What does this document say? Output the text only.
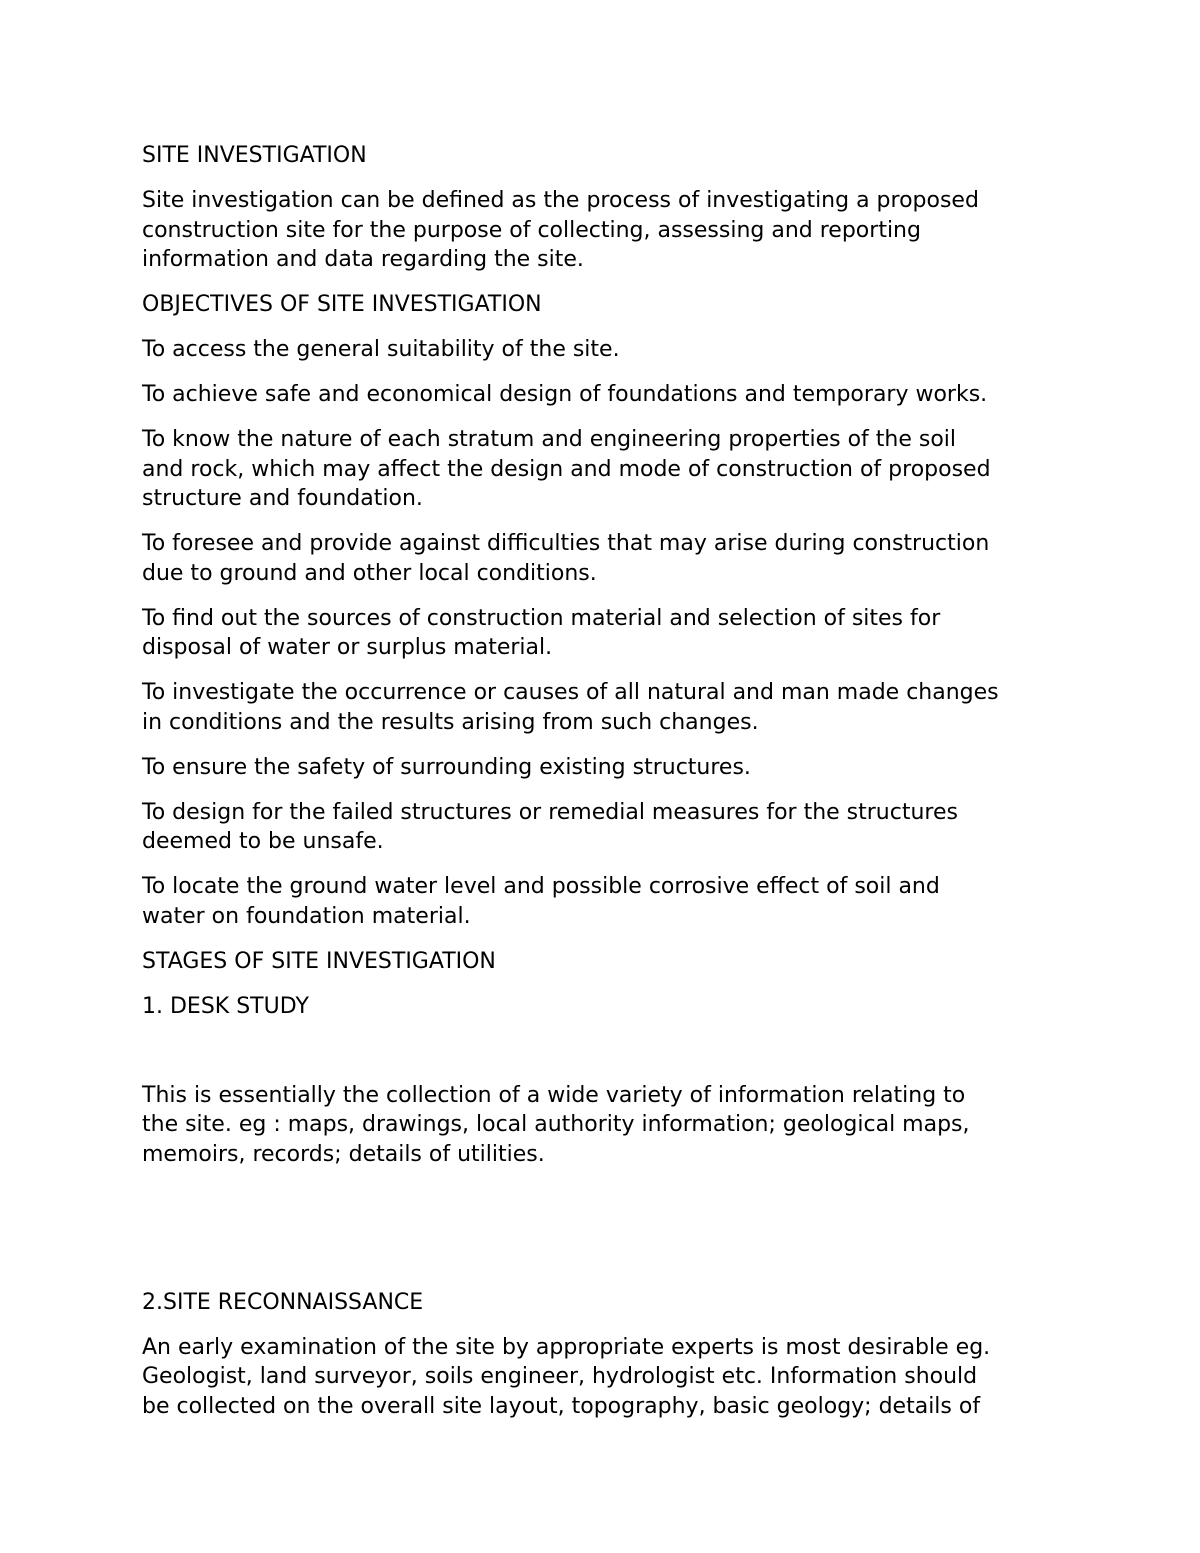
SITE INVESTIGATION

Site investigation can be defined as the process of investigating a proposed
construction site for the purpose of collecting, assessing and reporting
information and data regarding the site.

OBJECTIVES OF SITE INVESTIGATION

To access the general suitability of the site.

To achieve safe and economical design of foundations and temporary works.

To know the nature of each stratum and engineering properties of the soil
and rock, which may affect the design and mode of construction of proposed
structure and foundation.

To foresee and provide against difficulties that may arise during construction
due to ground and other local conditions.

To find out the sources of construction material and selection of sites for
disposal of water or surplus material.

To investigate the occurrence or causes of all natural and man made changes
in conditions and the results arising from such changes.

To ensure the safety of surrounding existing structures.

To design for the failed structures or remedial measures for the structures
deemed to be unsafe.

To locate the ground water level and possible corrosive effect of soil and
water on foundation material.

STAGES OF SITE INVESTIGATION

1. DESK STUDY

This is essentially the collection of a wide variety of information relating to
the site. eg : maps, drawings, local authority information; geological maps,
memoirs, records; details of utilities.

2.SITE RECONNAISSANCE

An early examination of the site by appropriate experts is most desirable eg.
Geologist, land surveyor, soils engineer, hydrologist etc. Information should
be collected on the overall site layout, topography, basic geology; details of
